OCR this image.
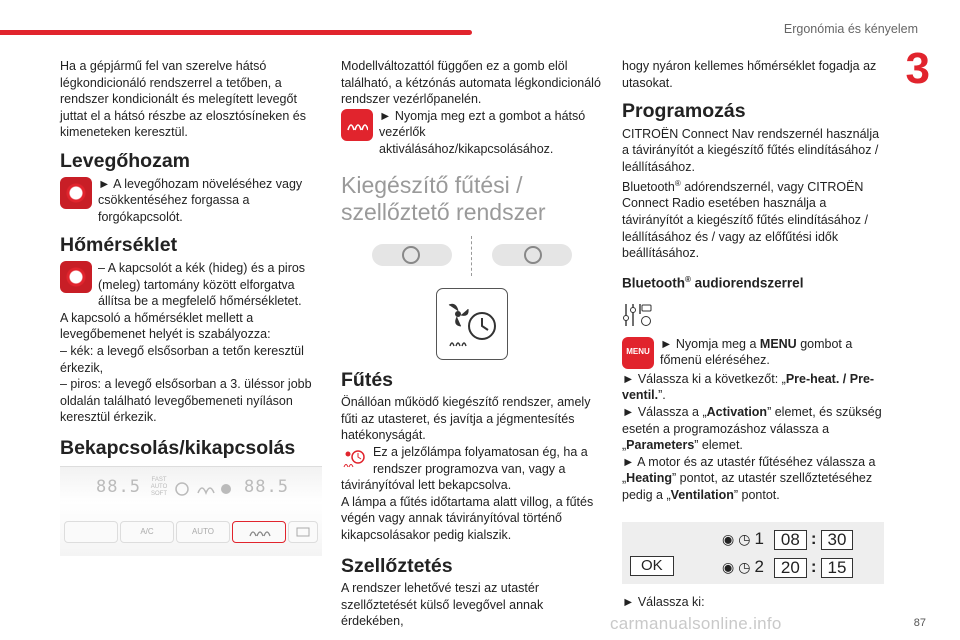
Ergonómia és kényelem
3

Ha a gépjármű fel van szerelve hátsó légkondicionáló rendszerrel a tetőben, a rendszer kondicionált és melegített levegőt juttat el a hátsó részbe az elosztósíneken és kimeneteken keresztül.

Levegőhozam

► A levegőhozam növeléséhez vagy csökkentéséhez forgassa a forgókapcsolót.

Hőmérséklet

– A kapcsolót a kék (hideg) és a piros (meleg) tartomány között elforgatva állítsa be a megfelelő hőmérsékletet.

A kapcsoló a hőmérséklet mellett a levegőbemenet helyét is szabályozza:

– kék: a levegő elsősorban a tetőn keresztül érkezik,

– piros: a levegő elsősorban a 3. üléssor jobb oldalán található levegőbemeneti nyíláson keresztül érkezik.

Bekapcsolás/kikapcsolás
88.5	FAST AUTO SOFT	88.5
A/C	AUTO

Modellváltozattól függően ez a gomb elöl található, a kétzónás automata légkondicionáló rendszer vezérlőpanelén.

► Nyomja meg ezt a gombot a hátsó vezérlők aktiválásához/kikapcsolásához.

Kiegészítő fűtési / szellőztető rendszer
Fűtés

Önállóan működő kiegészítő rendszer, amely fűti az utasteret, és javítja a jégmentesítés hatékonyságát.

Ez a jelzőlámpa folyamatosan ég, ha a rendszer programozva van, vagy a távirányítóval lett bekapcsolva.

A lámpa a fűtés időtartama alatt villog, a fűtés végén vagy annak távirányítóval történő kikapcsolásakor pedig kialszik.

Szellőztetés

A rendszer lehetővé teszi az utastér szellőztetését külső levegővel annak érdekében,

hogy nyáron kellemes hőmérséklet fogadja az utasokat.

Programozás

CITROËN Connect Nav rendszernél használja a távirányítót a kiegészítő fűtés elindításához / leállításához.

Bluetooth® adórendszernél, vagy CITROËN Connect Radio esetében használja a távirányítót a kiegészítő fűtés elindításához / leállításához és / vagy az előfűtési idők beállításához.

Bluetooth® audiorendszerrel
MENU

► Nyomja meg a MENU gombot a főmenü eléréséhez.

► Válassza ki a következőt: „Pre-heat. / Pre-ventil.”.

► Válassza a „Activation” elemet, és szükség esetén a programozáshoz válassza a „Parameters” elemet.

► A motor és az utastér fűtéséhez válassza a „Heating” pontot, az utastér szellőztetéséhez pedig a „Ventilation” pontot.

◉ ◷ 1	08 : 30
◉ ◷ 2	20 : 15
OK

► Válassza ki:

carmanualsonline.info	87
